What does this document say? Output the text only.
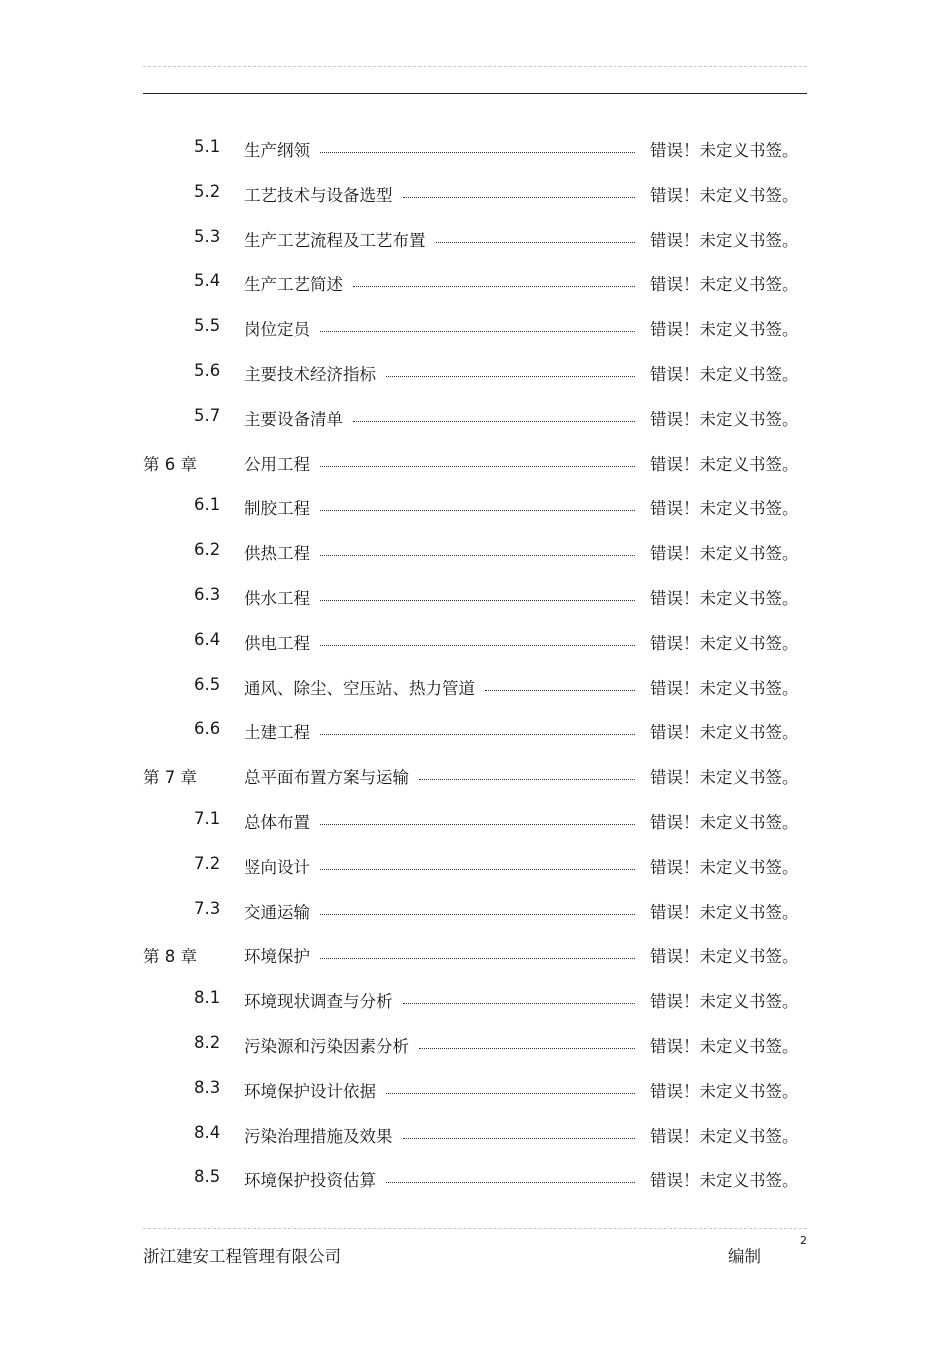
5.1 生产纲领	错误！未定义书签。
5.2 工艺技术与设备选型	错误！未定义书签。
5.3 生产工艺流程及工艺布置	错误！未定义书签。
5.4 生产工艺简述	错误！未定义书签。
5.5 岗位定员	错误！未定义书签。
5.6 主要技术经济指标	错误！未定义书签。
5.7 主要设备清单	错误！未定义书签。
第 6 章	公用工程	错误！未定义书签。
6.1 制胶工程	错误！未定义书签。
6.2 供热工程	错误！未定义书签。
6.3 供水工程	错误！未定义书签。
6.4 供电工程	错误！未定义书签。
6.5 通风、除尘、空压站、热力管道	错误！未定义书签。
6.6 土建工程	错误！未定义书签。
第 7 章	总平面布置方案与运输	错误！未定义书签。
7.1 总体布置	错误！未定义书签。
7.2 竖向设计	错误！未定义书签。
7.3 交通运输	错误！未定义书签。
第 8 章	环境保护	错误！未定义书签。
8.1 环境现状调查与分析	错误！未定义书签。
8.2 污染源和污染因素分析	错误！未定义书签。
8.3 环境保护设计依据	错误！未定义书签。
8.4 污染治理措施及效果	错误！未定义书签。
8.5 环境保护投资估算	错误！未定义书签。
浙江建安工程管理有限公司	编制
2
